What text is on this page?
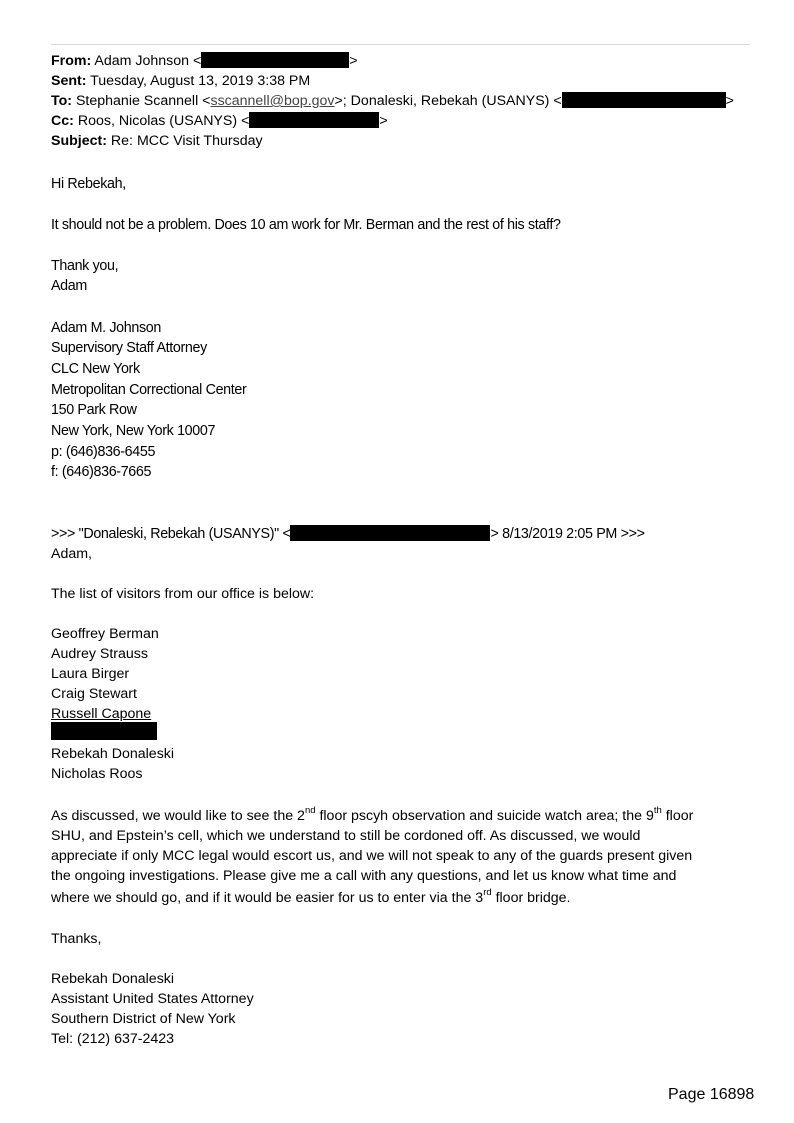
From: Adam Johnson <	>
Sent: Tuesday, August 13, 2019 3:38 PM
To: Stephanie Scannell <sscannell@bop.gov>; Donaleski, Rebekah (USANYS) <	>
Cc: Roos, Nicolas (USANYS) <	>
Subject: Re: MCC Visit Thursday
Hi Rebekah,
It should not be a problem. Does 10 am work for Mr. Berman and the rest of his staff?
Thank you,
Adam
Adam M. Johnson
Supervisory Staff Attorney
CLC New York
Metropolitan Correctional Center
150 Park Row
New York, New York 10007
p: (646)836-6455
f: (646)836-7665
>>> "Donaleski, Rebekah (USANYS)" <	> 8/13/2019 2:05 PM >>>
Adam,
The list of visitors from our office is below:
Geoffrey Berman
Audrey Strauss
Laura Birger
Craig Stewart
Russell Capone
Rebekah Donaleski
Nicholas Roos
As discussed, we would like to see the 2nd floor pscyh observation and suicide watch area; the 9th floor
SHU, and Epstein’s cell, which we understand to still be cordoned off. As discussed, we would
appreciate if only MCC legal would escort us, and we will not speak to any of the guards present given
the ongoing investigations. Please give me a call with any questions, and let us know what time and
where we should go, and if it would be easier for us to enter via the 3rd floor bridge.
Thanks,
Rebekah Donaleski
Assistant United States Attorney
Southern District of New York
Tel: (212) 637-2423
Page 16898
